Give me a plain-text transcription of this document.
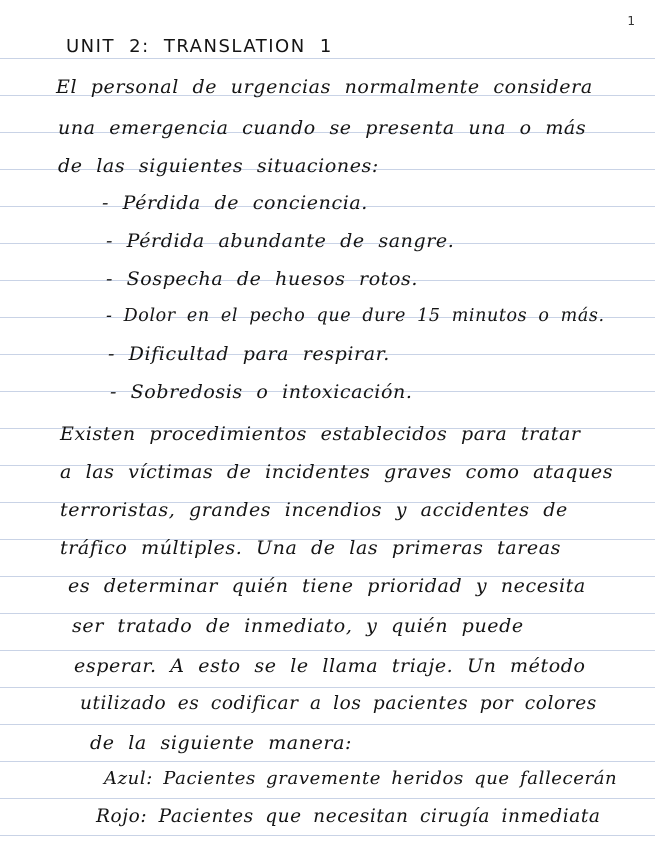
1
UNIT 2: TRANSLATION 1
El personal de urgencias normalmente considera
una emergencia cuando se presenta una o más
de las siguientes situaciones:
- Pérdida de conciencia.
- Pérdida abundante de sangre.
- Sospecha de huesos rotos.
- Dolor en el pecho que dure 15 minutos o más.
- Dificultad para respirar.
- Sobredosis o intoxicación.
Existen procedimientos establecidos para tratar
a las víctimas de incidentes graves como ataques
terroristas, grandes incendios y accidentes de
tráfico múltiples. Una de las primeras tareas
es determinar quién tiene prioridad y necesita
ser tratado de inmediato, y quién puede
esperar. A esto se le llama triaje. Un método
utilizado es codificar a los pacientes por colores
de la siguiente manera:
Azul: Pacientes gravemente heridos que fallecerán
Rojo: Pacientes que necesitan cirugía inmediata
